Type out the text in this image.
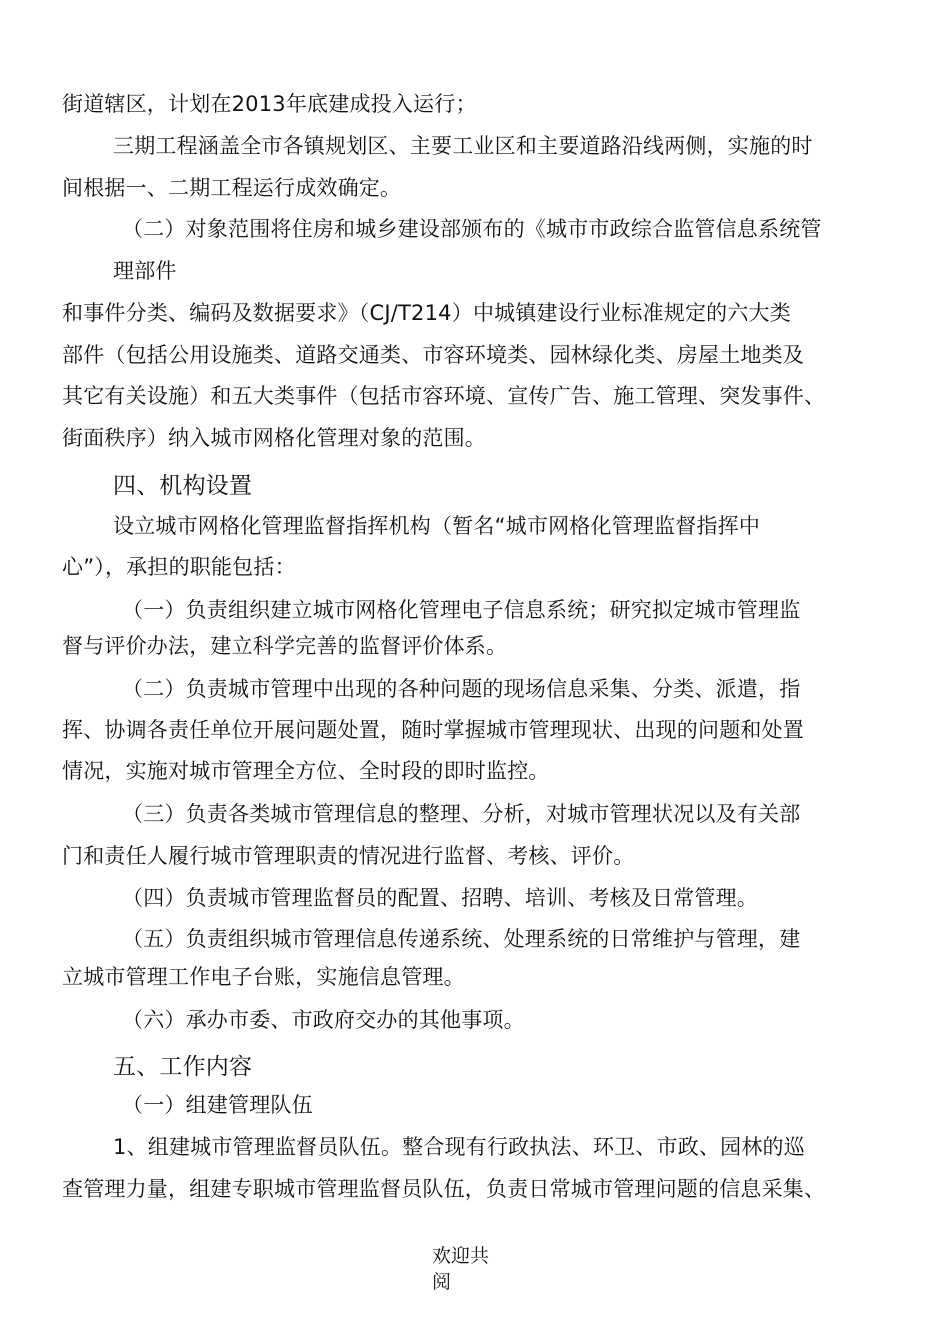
街道辖区，计划在2013年底建成投入运行；
三期工程涵盖全市各镇规划区、主要工业区和主要道路沿线两侧，实施的时
间根据一、二期工程运行成效确定。
（二）对象范围将住房和城乡建设部颁布的《城市市政综合监管信息系统管
理部件
和事件分类、编码及数据要求》（CJ/T214）中城镇建设行业标准规定的六大类
部件（包括公用设施类、道路交通类、市容环境类、园林绿化类、房屋土地类及
其它有关设施）和五大类事件（包括市容环境、宣传广告、施工管理、突发事件、
街面秩序）纳入城市网格化管理对象的范围。
四、机构设置
设立城市网格化管理监督指挥机构（暂名“城市网格化管理监督指挥中
心”），承担的职能包括：
（一）负责组织建立城市网格化管理电子信息系统；研究拟定城市管理监
督与评价办法，建立科学完善的监督评价体系。
（二）负责城市管理中出现的各种问题的现场信息采集、分类、派遣，指
挥、协调各责任单位开展问题处置，随时掌握城市管理现状、出现的问题和处置
情况，实施对城市管理全方位、全时段的即时监控。
（三）负责各类城市管理信息的整理、分析，对城市管理状况以及有关部
门和责任人履行城市管理职责的情况进行监督、考核、评价。
（四）负责城市管理监督员的配置、招聘、培训、考核及日常管理。
（五）负责组织城市管理信息传递系统、处理系统的日常维护与管理，建
立城市管理工作电子台账，实施信息管理。
（六）承办市委、市政府交办的其他事项。
五、工作内容
（一）组建管理队伍
1、组建城市管理监督员队伍。整合现有行政执法、环卫、市政、园林的巡
查管理力量，组建专职城市管理监督员队伍，负责日常城市管理问题的信息采集、
欢迎共
阅
